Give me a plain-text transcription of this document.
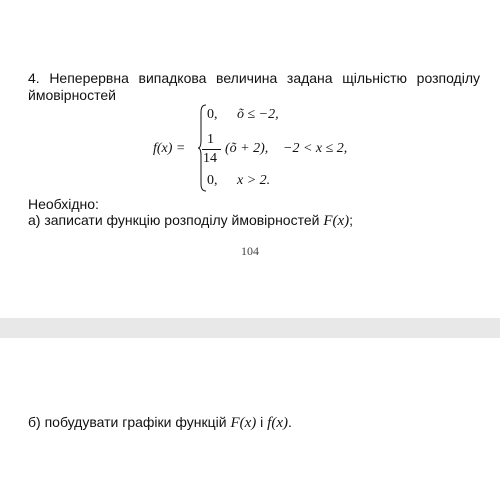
4. Неперервна випадкова величина задана щільністю розподілу ймовірностей
f(x) =
0, õ ≤ −2,
1
14
(õ + 2), −2 < x ≤ 2,
0, x > 2.
Необхідно:
а) записати функцію розподілу ймовірностей F(x);
104
б) побудувати графіки функцій F(x) і f(x).
